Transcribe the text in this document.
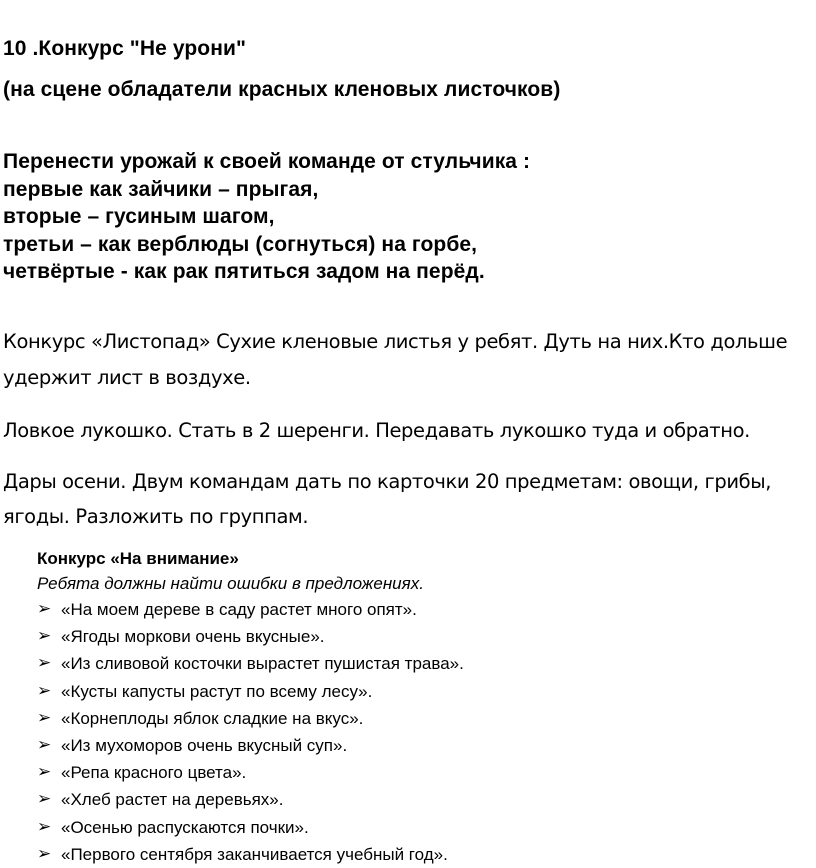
10 .Конкурс "Не урони"
(на сцене обладатели красных кленовых листочков)
Перенести урожай к своей команде от стульчика :
первые как зайчики – прыгая,
вторые – гусиным шагом,
третьи – как верблюды (согнуться) на горбе,
четвёртые - как рак пятиться задом на перёд.
Конкурс «Листопад» Сухие кленовые листья у ребят. Дуть на них.Кто дольше
удержит лист в воздухе.
Ловкое лукошко. Стать в 2 шеренги. Передавать лукошко туда и обратно.
Дары осени. Двум командам дать по карточки 20 предметам: овощи, грибы,
ягоды. Разложить по группам.
Конкурс «На внимание»
Ребята должны найти ошибки в предложениях.
➢ «На моем дереве в саду растет много опят».
➢ «Ягоды моркови очень вкусные».
➢ «Из сливовой косточки вырастет пушистая трава».
➢ «Кусты капусты растут по всему лесу».
➢ «Корнеплоды яблок сладкие на вкус».
➢ «Из мухоморов очень вкусный суп».
➢ «Репа красного цвета».
➢ «Хлеб растет на деревьях».
➢ «Осенью распускаются почки».
➢ «Первого сентября заканчивается учебный год».
